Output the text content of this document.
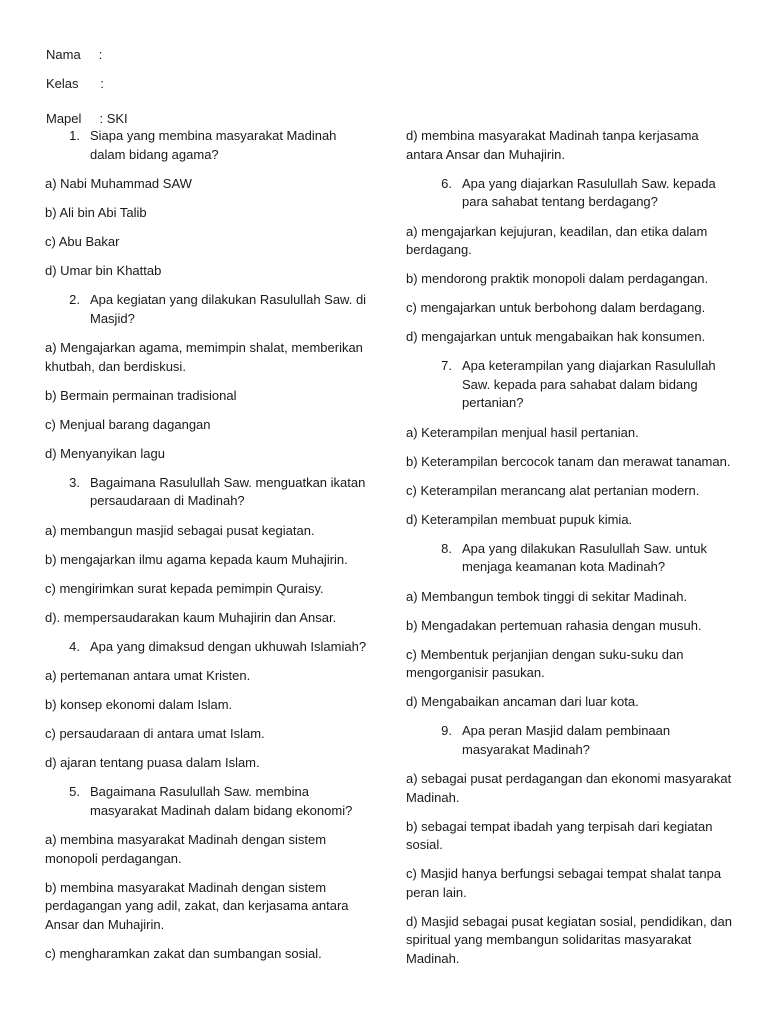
Nama     :
Kelas      :
Mapel     : SKI
1. Siapa yang membina masyarakat Madinah dalam bidang agama?
a) Nabi Muhammad SAW
b) Ali bin Abi Talib
c) Abu Bakar
d) Umar bin Khattab
2. Apa kegiatan yang dilakukan Rasulullah Saw. di Masjid?
a) Mengajarkan agama, memimpin shalat, memberikan khutbah, dan berdiskusi.
b) Bermain permainan tradisional
c) Menjual barang dagangan
d) Menyanyikan lagu
3. Bagaimana Rasulullah Saw. menguatkan ikatan persaudaraan di Madinah?
a) membangun masjid sebagai pusat kegiatan.
b) mengajarkan ilmu agama kepada kaum Muhajirin.
c) mengirimkan surat kepada pemimpin Quraisy.
d). mempersaudarakan kaum Muhajirin dan Ansar.
4. Apa yang dimaksud dengan ukhuwah Islamiah?
a) pertemanan antara umat Kristen.
b) konsep ekonomi dalam Islam.
c) persaudaraan di antara umat Islam.
d) ajaran tentang puasa dalam Islam.
5. Bagaimana Rasulullah Saw. membina masyarakat Madinah dalam bidang ekonomi?
a) membina masyarakat Madinah dengan sistem monopoli perdagangan.
b) membina masyarakat Madinah dengan sistem perdagangan yang adil, zakat, dan kerjasama antara Ansar dan Muhajirin.
c) mengharamkan zakat dan sumbangan sosial.
d) membina masyarakat Madinah tanpa kerjasama antara Ansar dan Muhajirin.
6. Apa yang diajarkan Rasulullah Saw. kepada para sahabat tentang berdagang?
a) mengajarkan kejujuran, keadilan, dan etika dalam berdagang.
b) mendorong praktik monopoli dalam perdagangan.
c) mengajarkan untuk berbohong dalam berdagang.
d) mengajarkan untuk mengabaikan hak konsumen.
7. Apa keterampilan yang diajarkan Rasulullah Saw. kepada para sahabat dalam bidang pertanian?
a) Keterampilan menjual hasil pertanian.
b) Keterampilan bercocok tanam dan merawat tanaman.
c) Keterampilan merancang alat pertanian modern.
d) Keterampilan membuat pupuk kimia.
8. Apa yang dilakukan Rasulullah Saw. untuk menjaga keamanan kota Madinah?
a) Membangun tembok tinggi di sekitar Madinah.
b) Mengadakan pertemuan rahasia dengan musuh.
c) Membentuk perjanjian dengan suku-suku dan mengorganisir pasukan.
d) Mengabaikan ancaman dari luar kota.
9. Apa peran Masjid dalam pembinaan masyarakat Madinah?
a) sebagai pusat perdagangan dan ekonomi masyarakat Madinah.
b) sebagai tempat ibadah yang terpisah dari kegiatan sosial.
c) Masjid hanya berfungsi sebagai tempat shalat tanpa peran lain.
d) Masjid sebagai pusat kegiatan sosial, pendidikan, dan spiritual yang membangun solidaritas masyarakat Madinah.
